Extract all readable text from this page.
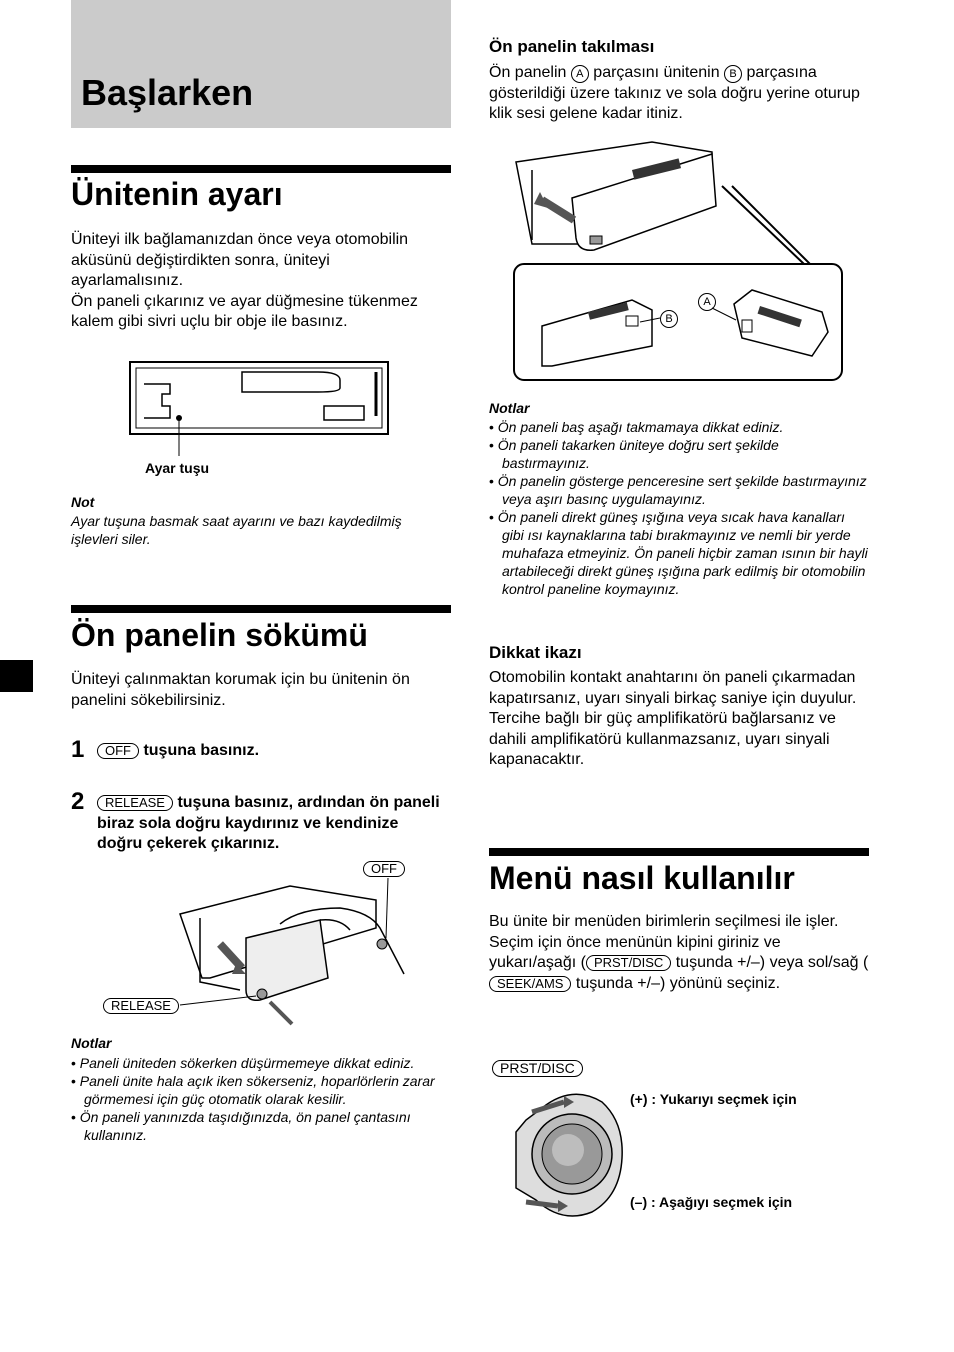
Başlarken
Ünitenin ayarı

Üniteyi ilk bağlamanızdan önce veya otomobilin aküsünü değiştirdikten sonra, üniteyi ayarlamalısınız.
Ön paneli çıkarınız ve ayar düğmesine tükenmez kalem gibi sivri uçlu bir obje ile basınız.

Ayar tuşu
Not

Ayar tuşuna basmak saat ayarını ve bazı kaydedilmiş işlevleri siler.

Ön panelin sökümü

Üniteyi çalınmaktan korumak için bu ünitenin ön panelini sökebilirsiniz.

1	OFF tuşuna basınız.

2	RELEASE tuşuna basınız, ardından ön paneli biraz sola doğru kaydırınız ve kendinize doğru çekerek çıkarınız.

OFF
RELEASE
Notlar
• Paneli üniteden sökerken düşürmemeye dikkat ediniz.
• Paneli ünite hala açık iken sökerseniz, hoparlörlerin zarar görmemesi için güç otomatik olarak kesilir.
• Ön paneli yanınızda taşıdığınızda, ön panel çantasını kullanınız.
Ön panelin takılması

Ön panelin A parçasını ünitenin B parçasına gösterildiği üzere takınız ve sola doğru yerine oturup klik sesi gelene kadar itiniz.

A
B
Notlar
• Ön paneli baş aşağı takmamaya dikkat ediniz.
• Ön paneli takarken üniteye doğru sert şekilde bastırmayınız.
• Ön panelin gösterge penceresine sert şekilde bastırmayınız veya aşırı basınç uygulamayınız.
• Ön paneli direkt güneş ışığına veya sıcak hava kanalları gibi ısı kaynaklarına tabi bırakmayınız ve nemli bir yerde muhafaza etmeyiniz. Ön paneli hiçbir zaman ısının bir hayli artabileceği direkt güneş ışığına park edilmiş bir otomobilin kontrol paneline koymayınız.
Dikkat ikazı

Otomobilin kontakt anahtarını ön paneli çıkarmadan kapatırsanız, uyarı sinyali birkaç saniye için duyulur.
Tercihe bağlı bir güç amplifikatörü bağlarsanız ve dahili amplifikatörü kullanmazsanız, uyarı sinyali kapanacaktır.

Menü nasıl kullanılır

Bu ünite bir menüden birimlerin seçilmesi ile işler.
Seçim için önce menünün kipini giriniz ve yukarı/aşağı ( PRST/DISC tuşunda +/–) veya sol/sağ (SEEK/AMS tuşunda +/–) yönünü seçiniz.

PRST/DISC
(+) : Yukarıyı seçmek için
(–) : Aşağıyı seçmek için
